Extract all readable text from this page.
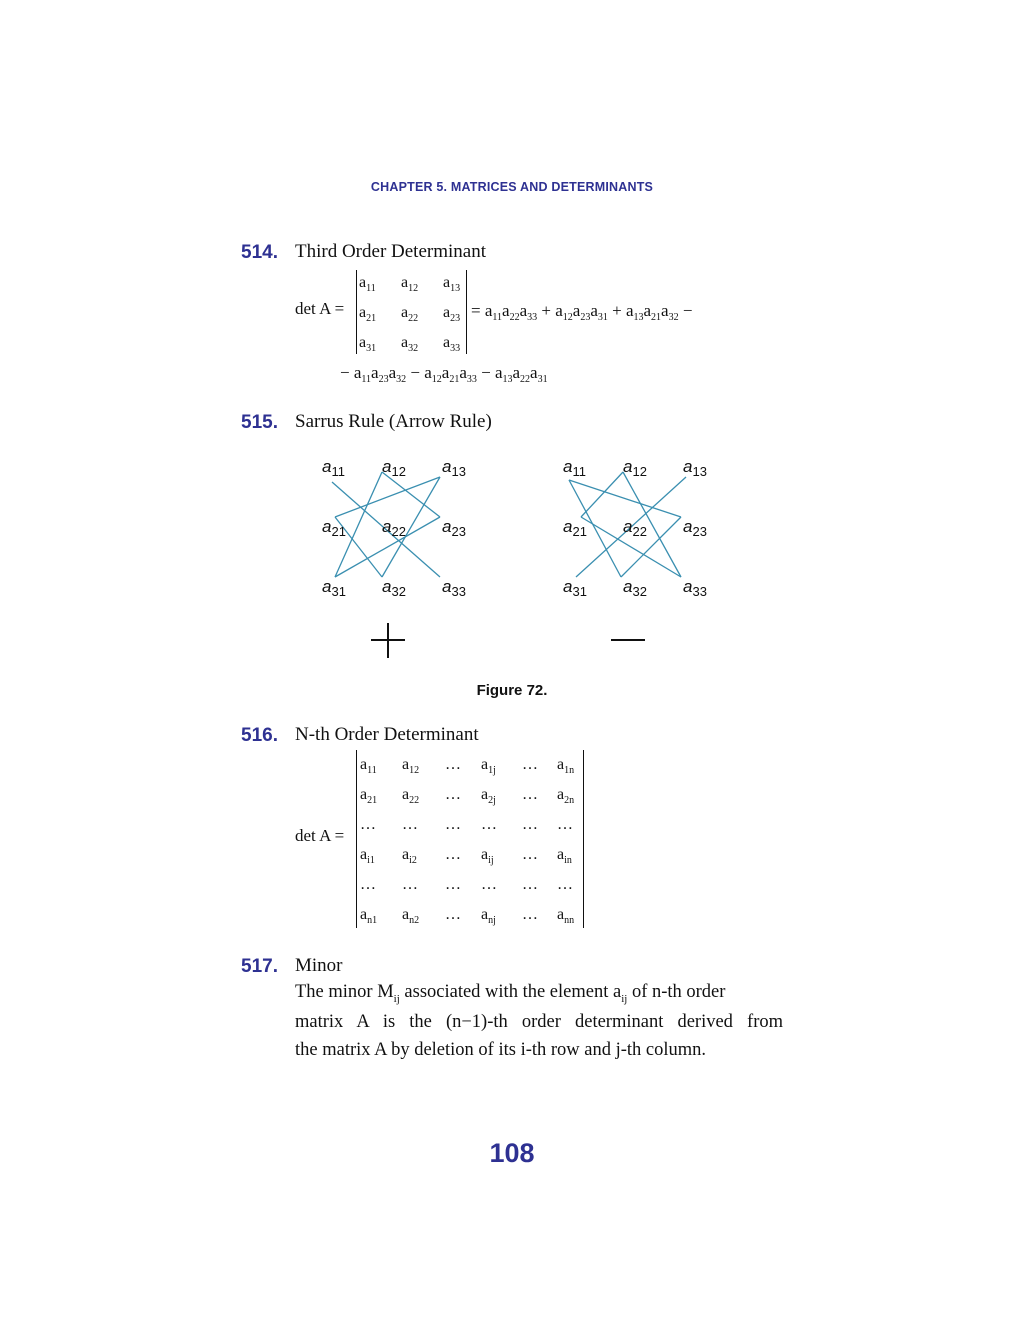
CHAPTER 5. MATRICES AND DETERMINANTS
514. Third Order Determinant
det A =
$a_{11}$ $a_{12}$ $a_{13}$
$a_{21}$ $a_{22}$ $a_{23}$
$a_{31}$ $a_{32}$ $a_{33}$
= $a_{11}a_{22}a_{33} + a_{12}a_{23}a_{31} + a_{13}a_{21}a_{32}$ −
− $a_{11}a_{23}a_{32} - a_{12}a_{21}a_{33} - a_{13}a_{22}a_{31}$
515. Sarrus Rule (Arrow Rule)
$a_{11}$ $a_{12}$ $a_{13}$
$a_{21}$ $a_{22}$ $a_{23}$
$a_{31}$ $a_{32}$ $a_{33}$
$a_{11}$ $a_{12}$ $a_{13}$
$a_{21}$ $a_{22}$ $a_{23}$
$a_{31}$ $a_{32}$ $a_{33}$
Figure 72.
516. N-th Order Determinant
det A =
$a_{11}$ $a_{12}$ … $a_{1j}$ … $a_{1n}$
$a_{21}$ $a_{22}$ … $a_{2j}$ … $a_{2n}$
… … … … … …
$a_{i1}$ $a_{i2}$ … $a_{ij}$ … $a_{in}$
… … … … … …
$a_{n1}$ $a_{n2}$ … $a_{nj}$ … $a_{nn}$
517. Minor
The minor $M_{ij}$ associated with the element $a_{ij}$ of n-th order
matrix A is the (n−1)-th order determinant derived from
the matrix A by deletion of its i-th row and j-th column.
108
